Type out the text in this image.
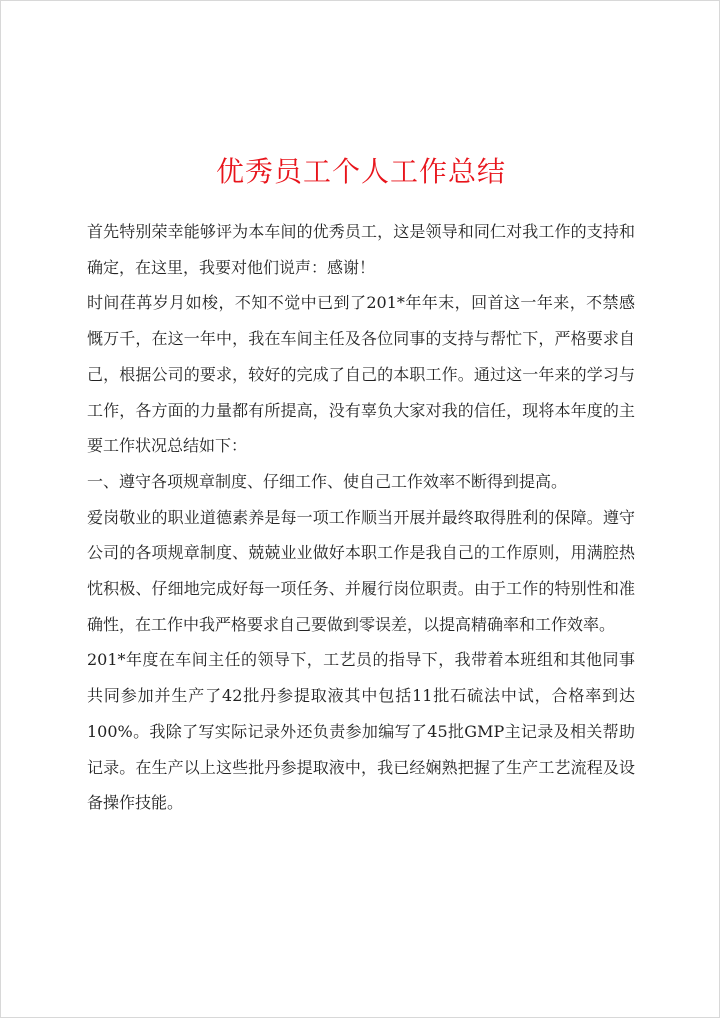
优秀员工个人工作总结

首先特别荣幸能够评为本车间的优秀员工，这是领导和同仁对我工作的支持和确定，在这里，我要对他们说声：感谢！

时间荏苒岁月如梭，不知不觉中已到了201*年年末，回首这一年来，不禁感慨万千，在这一年中，我在车间主任及各位同事的支持与帮忙下，严格要求自己，根据公司的要求，较好的完成了自己的本职工作。通过这一年来的学习与工作，各方面的力量都有所提高，没有辜负大家对我的信任，现将本年度的主要工作状况总结如下：

一、遵守各项规章制度、仔细工作、使自己工作效率不断得到提高。

爱岗敬业的职业道德素养是每一项工作顺当开展并最终取得胜利的保障。遵守公司的各项规章制度、兢兢业业做好本职工作是我自己的工作原则，用满腔热忱积极、仔细地完成好每一项任务、并履行岗位职责。由于工作的特别性和准确性，在工作中我严格要求自己要做到零误差，以提高精确率和工作效率。

201*年度在车间主任的领导下，工艺员的指导下，我带着本班组和其他同事共同参加并生产了42批丹参提取液其中包括11批石硫法中试，合格率到达100%。我除了写实际记录外还负责参加编写了45批GMP主记录及相关帮助记录。在生产以上这些批丹参提取液中，我已经娴熟把握了生产工艺流程及设备操作技能。
